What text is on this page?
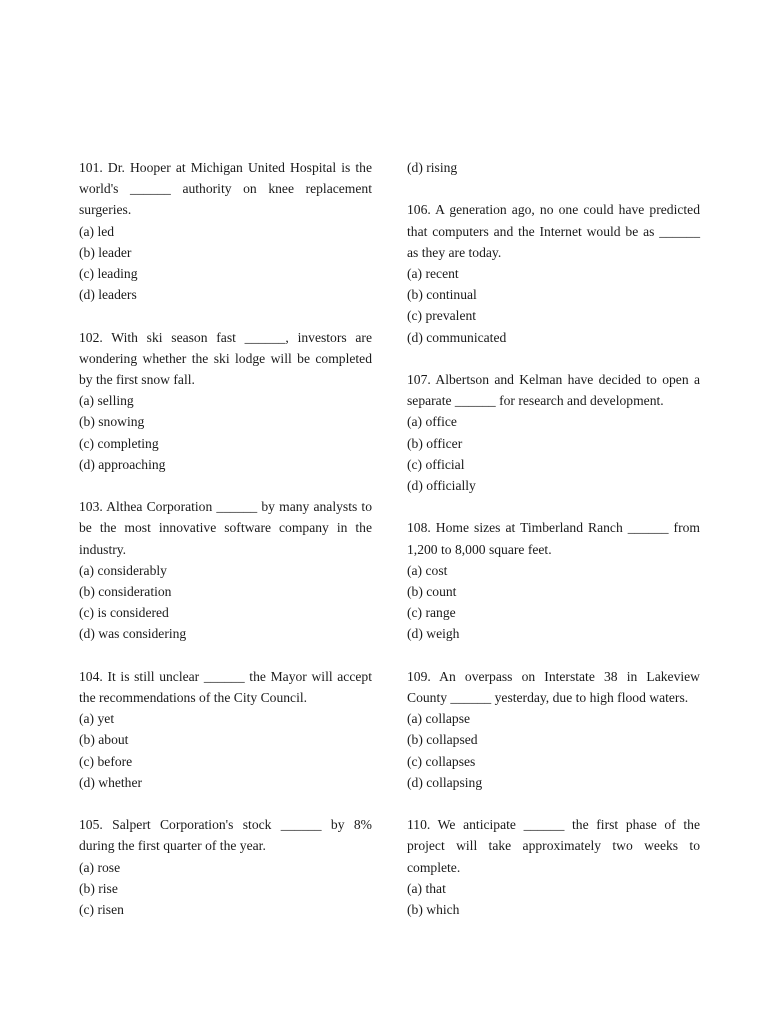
101. Dr. Hooper at Michigan United Hospital is the world's ______ authority on knee replacement surgeries.

(a) led

(b) leader

(c) leading

(d) leaders

102. With ski season fast ______, investors are wondering whether the ski lodge will be completed by the first snow fall.

(a) selling

(b) snowing

(c) completing

(d) approaching

103. Althea Corporation ______ by many analysts to be the most innovative software company in the industry.

(a) considerably

(b) consideration

(c) is considered

(d) was considering

104. It is still unclear ______ the Mayor will accept the recommendations of the City Council.

(a) yet

(b) about

(c) before

(d) whether

105. Salpert Corporation's stock ______ by 8% during the first quarter of the year.

(a) rose

(b) rise

(c) risen

(d) rising

106. A generation ago, no one could have predicted that computers and the Internet would be as ______ as they are today.

(a) recent

(b) continual

(c) prevalent

(d) communicated

107. Albertson and Kelman have decided to open a separate ______ for research and development.

(a) office

(b) officer

(c) official

(d) officially

108. Home sizes at Timberland Ranch ______ from 1,200 to 8,000 square feet.

(a) cost

(b) count

(c) range

(d) weigh

109. An overpass on Interstate 38 in Lakeview County ______ yesterday, due to high flood waters.

(a) collapse

(b) collapsed

(c) collapses

(d) collapsing

110. We anticipate ______ the first phase of the project will take approximately two weeks to complete.

(a) that

(b) which
